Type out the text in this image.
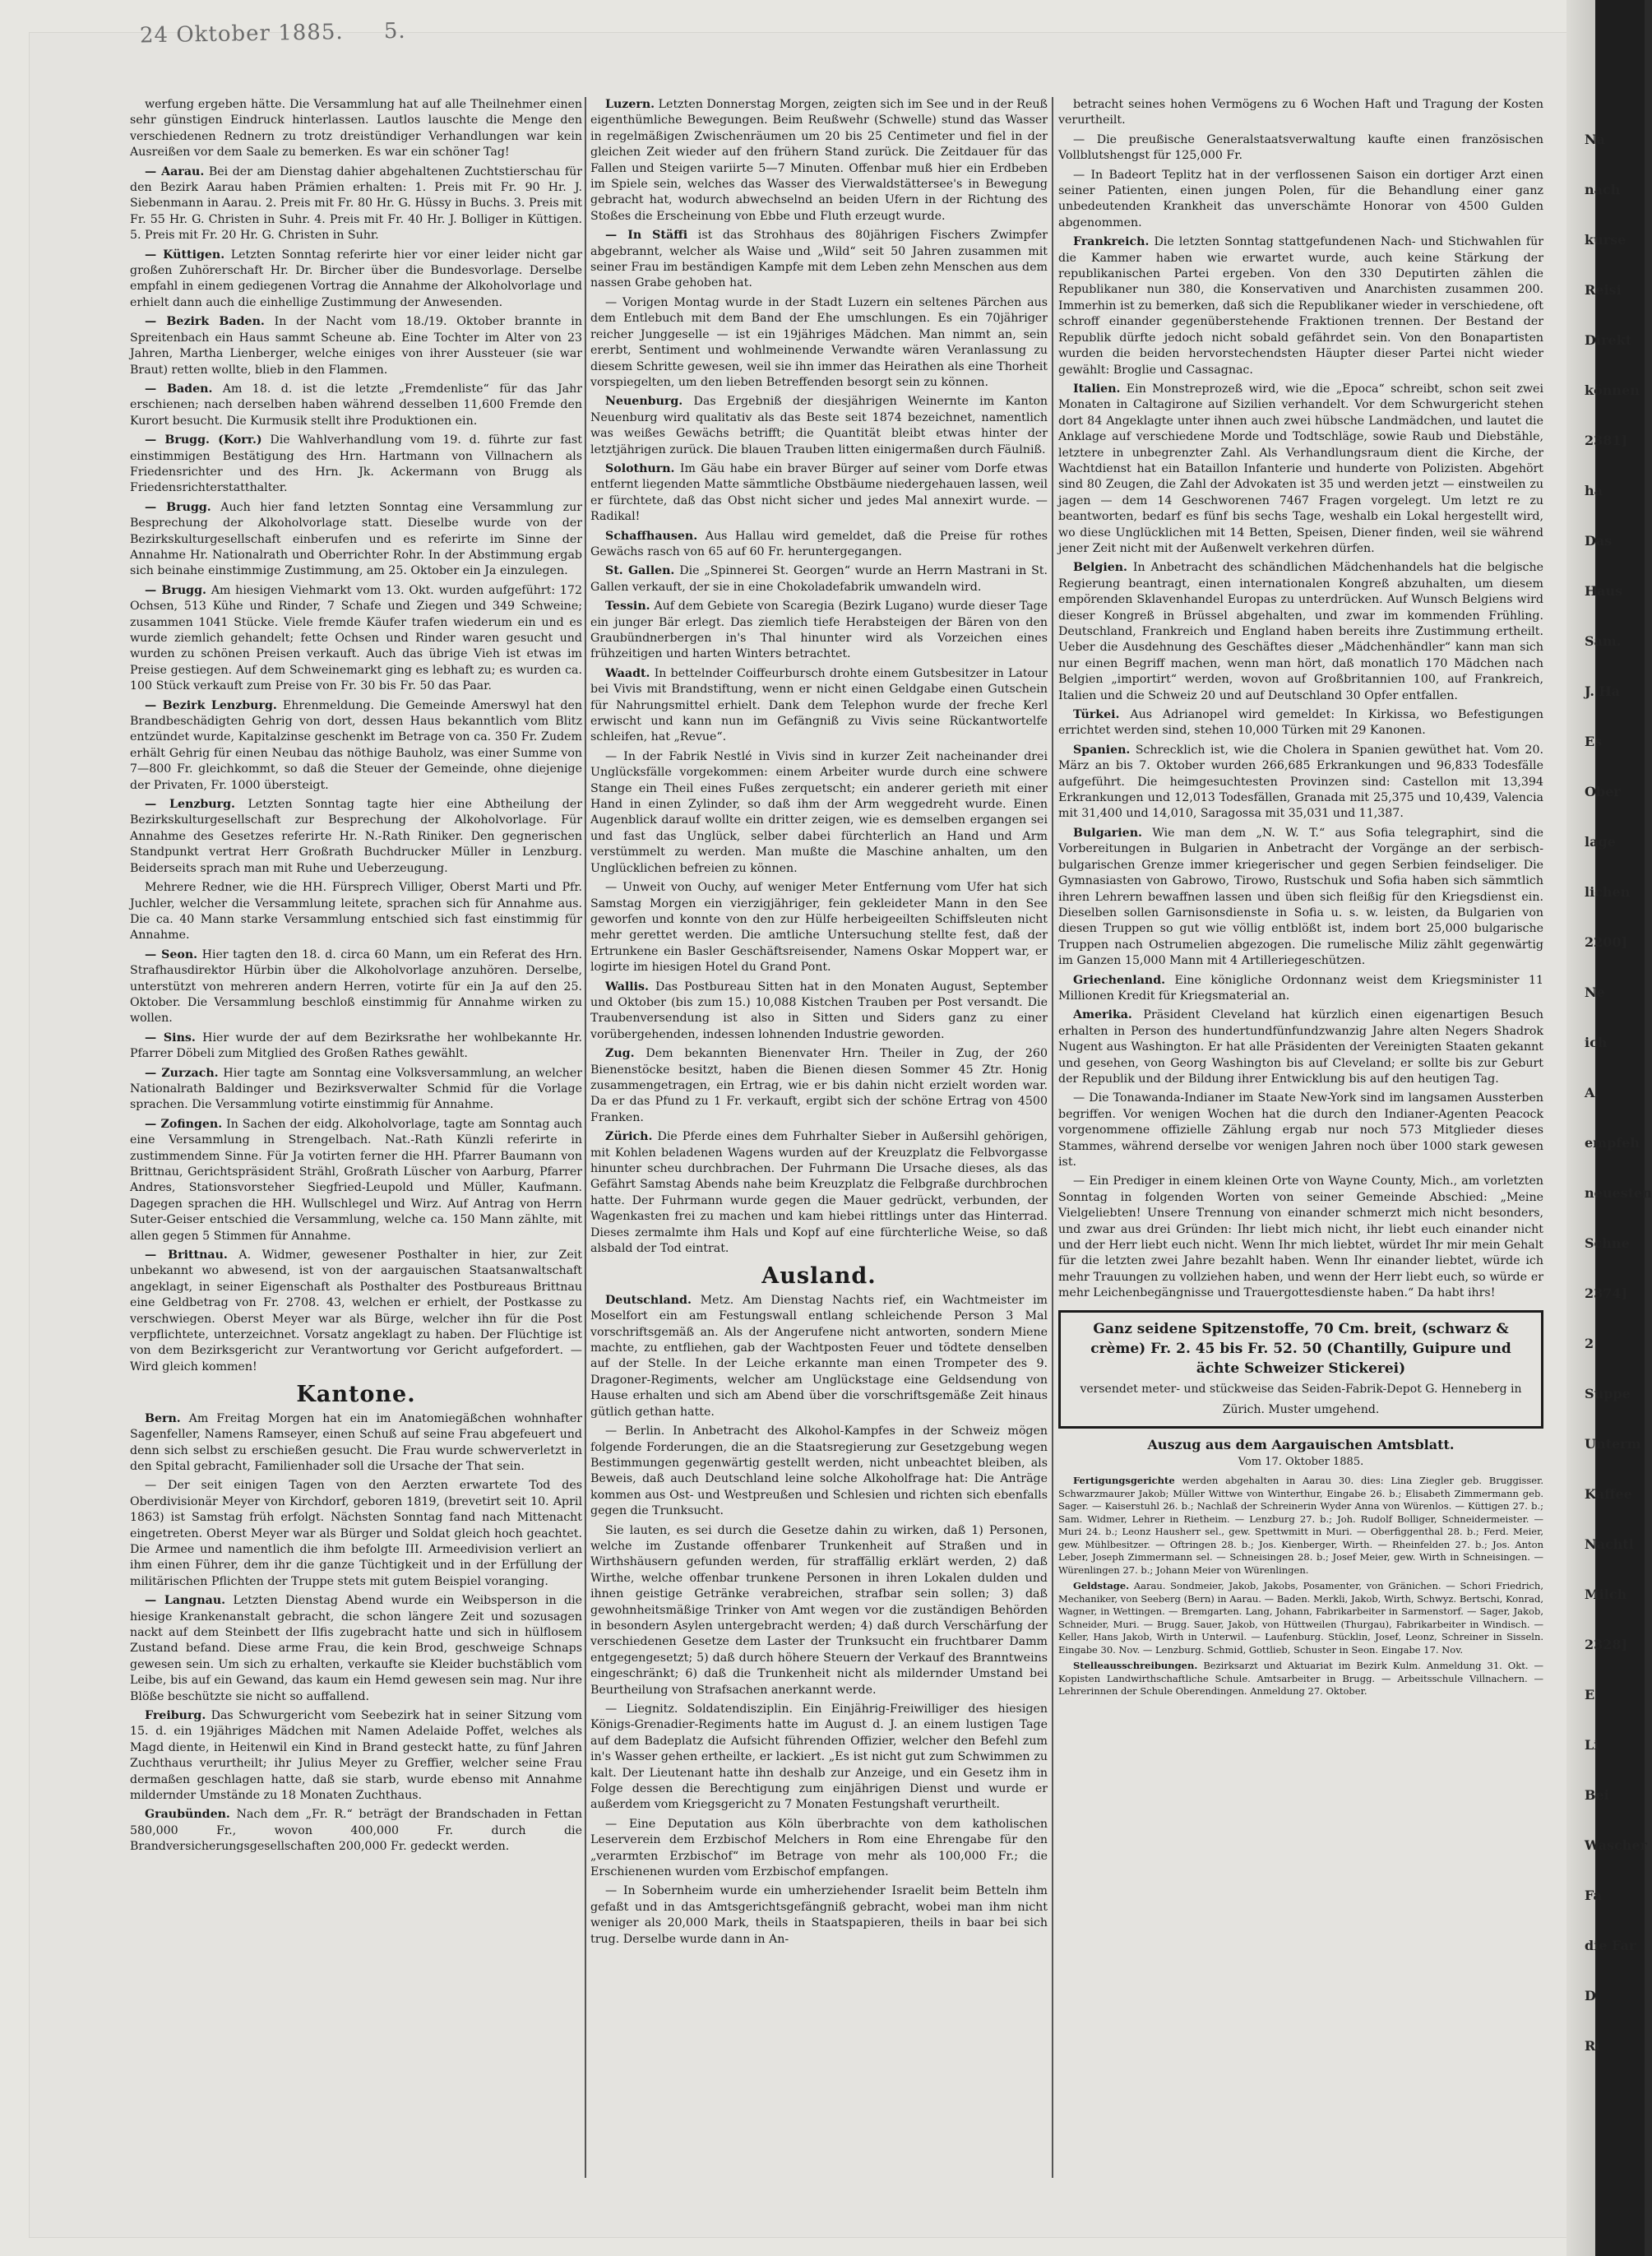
24 Oktober 1885. 5.

werfung ergeben hätte. Die Versammlung hat auf alle Theilnehmer einen sehr günstigen Eindruck hinterlassen. Lautlos lauschte die Menge den verschiedenen Rednern zu trotz dreistündiger Verhandlungen war kein Ausreißen vor dem Saale zu bemerken. Es war ein schöner Tag!

— Aarau. Bei der am Dienstag dahier abgehaltenen Zuchtstierschau für den Bezirk Aarau haben Prämien erhalten: 1. Preis mit Fr. 90 Hr. J. Siebenmann in Aarau. 2. Preis mit Fr. 80 Hr. G. Hüssy in Buchs. 3. Preis mit Fr. 55 Hr. G. Christen in Suhr. 4. Preis mit Fr. 40 Hr. J. Bolliger in Küttigen. 5. Preis mit Fr. 20 Hr. G. Christen in Suhr.

— Küttigen. Letzten Sonntag referirte hier vor einer leider nicht gar großen Zuhörerschaft Hr. Dr. Bircher über die Bundesvorlage. Derselbe empfahl in einem gediegenen Vortrag die Annahme der Alkoholvorlage und erhielt dann auch die einhellige Zustimmung der Anwesenden.

— Bezirk Baden. In der Nacht vom 18./19. Oktober brannte in Spreitenbach ein Haus sammt Scheune ab. Eine Tochter im Alter von 23 Jahren, Martha Lienberger, welche einiges von ihrer Aussteuer (sie war Braut) retten wollte, blieb in den Flammen.

— Baden. Am 18. d. ist die letzte „Fremdenliste“ für das Jahr erschienen; nach derselben haben während desselben 11,600 Fremde den Kurort besucht. Die Kurmusik stellt ihre Produktionen ein.

— Brugg. (Korr.) Die Wahlverhandlung vom 19. d. führte zur fast einstimmigen Bestätigung des Hrn. Hartmann von Villnachern als Friedensrichter und des Hrn. Jk. Ackermann von Brugg als Friedensrichterstatthalter.

— Brugg. Auch hier fand letzten Sonntag eine Versammlung zur Besprechung der Alkoholvorlage statt. Dieselbe wurde von der Bezirkskulturgesellschaft einberufen und es referirte im Sinne der Annahme Hr. Nationalrath und Oberrichter Rohr. In der Abstimmung ergab sich beinahe einstimmige Zustimmung, am 25. Oktober ein Ja einzulegen.

— Brugg. Am hiesigen Viehmarkt vom 13. Okt. wurden aufgeführt: 172 Ochsen, 513 Kühe und Rinder, 7 Schafe und Ziegen und 349 Schweine; zusammen 1041 Stücke. Viele fremde Käufer trafen wiederum ein und es wurde ziemlich gehandelt; fette Ochsen und Rinder waren gesucht und wurden zu schönen Preisen verkauft. Auch das übrige Vieh ist etwas im Preise gestiegen. Auf dem Schweinemarkt ging es lebhaft zu; es wurden ca. 100 Stück verkauft zum Preise von Fr. 30 bis Fr. 50 das Paar.

— Bezirk Lenzburg. Ehrenmeldung. Die Gemeinde Amerswyl hat den Brandbeschädigten Gehrig von dort, dessen Haus bekanntlich vom Blitz entzündet wurde, Kapitalzinse geschenkt im Betrage von ca. 350 Fr. Zudem erhält Gehrig für einen Neubau das nöthige Bauholz, was einer Summe von 7—800 Fr. gleichkommt, so daß die Steuer der Gemeinde, ohne diejenige der Privaten, Fr. 1000 übersteigt.

— Lenzburg. Letzten Sonntag tagte hier eine Abtheilung der Bezirkskulturgesellschaft zur Besprechung der Alkoholvorlage. Für Annahme des Gesetzes referirte Hr. N.-Rath Riniker. Den gegnerischen Standpunkt vertrat Herr Großrath Buchdrucker Müller in Lenzburg. Beiderseits sprach man mit Ruhe und Ueberzeugung.

Mehrere Redner, wie die HH. Fürsprech Villiger, Oberst Marti und Pfr. Juchler, welcher die Versammlung leitete, sprachen sich für Annahme aus. Die ca. 40 Mann starke Versammlung entschied sich fast einstimmig für Annahme.

— Seon. Hier tagten den 18. d. circa 60 Mann, um ein Referat des Hrn. Strafhausdirektor Hürbin über die Alkoholvorlage anzuhören. Derselbe, unterstützt von mehreren andern Herren, votirte für ein Ja auf den 25. Oktober. Die Versammlung beschloß einstimmig für Annahme wirken zu wollen.

— Sins. Hier wurde der auf dem Bezirksrathe her wohlbekannte Hr. Pfarrer Döbeli zum Mitglied des Großen Rathes gewählt.

— Zurzach. Hier tagte am Sonntag eine Volksversammlung, an welcher Nationalrath Baldinger und Bezirksverwalter Schmid für die Vorlage sprachen. Die Versammlung votirte einstimmig für Annahme.

— Zofingen. In Sachen der eidg. Alkoholvorlage, tagte am Sonntag auch eine Versammlung in Strengelbach. Nat.-Rath Künzli referirte in zustimmendem Sinne. Für Ja votirten ferner die HH. Pfarrer Baumann von Brittnau, Gerichtspräsident Strähl, Großrath Lüscher von Aarburg, Pfarrer Andres, Stationsvorsteher Siegfried-Leupold und Müller, Kaufmann. Dagegen sprachen die HH. Wullschlegel und Wirz. Auf Antrag von Herrn Suter-Geiser entschied die Versammlung, welche ca. 150 Mann zählte, mit allen gegen 5 Stimmen für Annahme.

— Brittnau. A. Widmer, gewesener Posthalter in hier, zur Zeit unbekannt wo abwesend, ist von der aargauischen Staatsanwaltschaft angeklagt, in seiner Eigenschaft als Posthalter des Postbureaus Brittnau eine Geldbetrag von Fr. 2708. 43, welchen er erhielt, der Postkasse zu verschwiegen. Oberst Meyer war als Bürge, welcher ihn für die Post verpflichtete, unterzeichnet. Vorsatz angeklagt zu haben. Der Flüchtige ist von dem Bezirksgericht zur Verantwortung vor Gericht aufgefordert. — Wird gleich kommen!

Kantone.

Bern. Am Freitag Morgen hat ein im Anatomiegäßchen wohnhafter Sagenfeller, Namens Ramseyer, einen Schuß auf seine Frau abgefeuert und denn sich selbst zu erschießen gesucht. Die Frau wurde schwerverletzt in den Spital gebracht, Familienhader soll die Ursache der That sein.

— Der seit einigen Tagen von den Aerzten erwartete Tod des Oberdivisionär Meyer von Kirchdorf, geboren 1819, (brevetirt seit 10. April 1863) ist Samstag früh erfolgt. Nächsten Sonntag fand nach Mittenacht eingetreten. Oberst Meyer war als Bürger und Soldat gleich hoch geachtet. Die Armee und namentlich die ihm befolgte III. Armeedivision verliert an ihm einen Führer, dem ihr die ganze Tüchtigkeit und in der Erfüllung der militärischen Pflichten der Truppe stets mit gutem Beispiel voranging.

— Langnau. Letzten Dienstag Abend wurde ein Weibsperson in die hiesige Krankenanstalt gebracht, die schon längere Zeit und sozusagen nackt auf dem Steinbett der Ilfis zugebracht hatte und sich in hülflosem Zustand befand. Diese arme Frau, die kein Brod, geschweige Schnaps gewesen sein. Um sich zu erhalten, verkaufte sie Kleider buchstäblich vom Leibe, bis auf ein Gewand, das kaum ein Hemd gewesen sein mag. Nur ihre Blöße beschützte sie nicht so auffallend.

Freiburg. Das Schwurgericht vom Seebezirk hat in seiner Sitzung vom 15. d. ein 19jähriges Mädchen mit Namen Adelaide Poffet, welches als Magd diente, in Heitenwil ein Kind in Brand gesteckt hatte, zu fünf Jahren Zuchthaus verurtheilt; ihr Julius Meyer zu Greffier, welcher seine Frau dermaßen geschlagen hatte, daß sie starb, wurde ebenso mit Annahme mildernder Umstände zu 18 Monaten Zuchthaus.

Graubünden. Nach dem „Fr. R.“ beträgt der Brandschaden in Fettan 580,000 Fr., wovon 400,000 Fr. durch die Brandversicherungsgesellschaften 200,000 Fr. gedeckt werden.

Luzern. Letzten Donnerstag Morgen, zeigten sich im See und in der Reuß eigenthümliche Bewegungen. Beim Reußwehr (Schwelle) stund das Wasser in regelmäßigen Zwischenräumen um 20 bis 25 Centimeter und fiel in der gleichen Zeit wieder auf den frühern Stand zurück. Die Zeitdauer für das Fallen und Steigen variirte 5—7 Minuten. Offenbar muß hier ein Erdbeben im Spiele sein, welches das Wasser des Vierwaldstättersee's in Bewegung gebracht hat, wodurch abwechselnd an beiden Ufern in der Richtung des Stoßes die Erscheinung von Ebbe und Fluth erzeugt wurde.

— In Stäffi ist das Strohhaus des 80jährigen Fischers Zwimpfer abgebrannt, welcher als Waise und „Wild“ seit 50 Jahren zusammen mit seiner Frau im beständigen Kampfe mit dem Leben zehn Menschen aus dem nassen Grabe gehoben hat.

— Vorigen Montag wurde in der Stadt Luzern ein seltenes Pärchen aus dem Entlebuch mit dem Band der Ehe umschlungen. Es ein 70jähriger reicher Junggeselle — ist ein 19jähriges Mädchen. Man nimmt an, sein ererbt, Sentiment und wohlmeinende Verwandte wären Veranlassung zu diesem Schritte gewesen, weil sie ihn immer das Heirathen als eine Thorheit vorspiegelten, um den lieben Betreffenden besorgt sein zu können.

Neuenburg. Das Ergebniß der diesjährigen Weinernte im Kanton Neuenburg wird qualitativ als das Beste seit 1874 bezeichnet, namentlich was weißes Gewächs betrifft; die Quantität bleibt etwas hinter der letztjährigen zurück. Die blauen Trauben litten einigermaßen durch Fäulniß.

Solothurn. Im Gäu habe ein braver Bürger auf seiner vom Dorfe etwas entfernt liegenden Matte sämmtliche Obstbäume niedergehauen lassen, weil er fürchtete, daß das Obst nicht sicher und jedes Mal annexirt wurde. — Radikal!

Schaffhausen. Aus Hallau wird gemeldet, daß die Preise für rothes Gewächs rasch von 65 auf 60 Fr. heruntergegangen.

St. Gallen. Die „Spinnerei St. Georgen“ wurde an Herrn Mastrani in St. Gallen verkauft, der sie in eine Chokoladefabrik umwandeln wird.

Tessin. Auf dem Gebiete von Scaregia (Bezirk Lugano) wurde dieser Tage ein junger Bär erlegt. Das ziemlich tiefe Herabsteigen der Bären von den Graubündnerbergen in's Thal hinunter wird als Vorzeichen eines frühzeitigen und harten Winters betrachtet.

Waadt. In bettelnder Coiffeurbursch drohte einem Gutsbesitzer in Latour bei Vivis mit Brandstiftung, wenn er nicht einen Geldgabe einen Gutschein für Nahrungsmittel erhielt. Dank dem Telephon wurde der freche Kerl erwischt und kann nun im Gefängniß zu Vivis seine Rückantwortelfe schleifen, hat „Revue“.

— In der Fabrik Nestlé in Vivis sind in kurzer Zeit nacheinander drei Unglücksfälle vorgekommen: einem Arbeiter wurde durch eine schwere Stange ein Theil eines Fußes zerquetscht; ein anderer gerieth mit einer Hand in einen Zylinder, so daß ihm der Arm weggedreht wurde. Einen Augenblick darauf wollte ein dritter zeigen, wie es demselben ergangen sei und fast das Unglück, selber dabei fürchterlich an Hand und Arm verstümmelt zu werden. Man mußte die Maschine anhalten, um den Unglücklichen befreien zu können.

— Unweit von Ouchy, auf weniger Meter Entfernung vom Ufer hat sich Samstag Morgen ein vierzigjähriger, fein gekleideter Mann in den See geworfen und konnte von den zur Hülfe herbeigeeilten Schiffsleuten nicht mehr gerettet werden. Die amtliche Untersuchung stellte fest, daß der Ertrunkene ein Basler Geschäftsreisender, Namens Oskar Moppert war, er logirte im hiesigen Hotel du Grand Pont.

Wallis. Das Postbureau Sitten hat in den Monaten August, September und Oktober (bis zum 15.) 10,088 Kistchen Trauben per Post versandt. Die Traubenversendung ist also in Sitten und Siders ganz zu einer vorübergehenden, indessen lohnenden Industrie geworden.

Zug. Dem bekannten Bienenvater Hrn. Theiler in Zug, der 260 Bienenstöcke besitzt, haben die Bienen diesen Sommer 45 Ztr. Honig zusammengetragen, ein Ertrag, wie er bis dahin nicht erzielt worden war. Da er das Pfund zu 1 Fr. verkauft, ergibt sich der schöne Ertrag von 4500 Franken.

Zürich. Die Pferde eines dem Fuhrhalter Sieber in Außersihl gehörigen, mit Kohlen beladenen Wagens wurden auf der Kreuzplatz die Felbvorgasse hinunter scheu durchbrachen. Der Fuhrmann Die Ursache dieses, als das Gefährt Samstag Abends nahe beim Kreuzplatz die Felbgraße durchbrochen hatte. Der Fuhrmann wurde gegen die Mauer gedrückt, verbunden, der Wagenkasten frei zu machen und kam hiebei rittlings unter das Hinterrad. Dieses zermalmte ihm Hals und Kopf auf eine fürchterliche Weise, so daß alsbald der Tod eintrat.

Ausland.

Deutschland. Metz. Am Dienstag Nachts rief, ein Wachtmeister im Moselfort ein am Festungswall entlang schleichende Person 3 Mal vorschriftsgemäß an. Als der Angerufene nicht antworten, sondern Miene machte, zu entfliehen, gab der Wachtposten Feuer und tödtete denselben auf der Stelle. In der Leiche erkannte man einen Trompeter des 9. Dragoner-Regiments, welcher am Unglückstage eine Geldsendung von Hause erhalten und sich am Abend über die vorschriftsgemäße Zeit hinaus gütlich gethan hatte.

— Berlin. In Anbetracht des Alkohol-Kampfes in der Schweiz mögen folgende Forderungen, die an die Staatsregierung zur Gesetzgebung wegen Bestimmungen gegenwärtig gestellt werden, nicht unbeachtet bleiben, als Beweis, daß auch Deutschland leine solche Alkoholfrage hat: Die Anträge kommen aus Ost- und Westpreußen und Schlesien und richten sich ebenfalls gegen die Trunksucht.

Sie lauten, es sei durch die Gesetze dahin zu wirken, daß 1) Personen, welche im Zustande offenbarer Trunkenheit auf Straßen und in Wirthshäusern gefunden werden, für straffällig erklärt werden, 2) daß Wirthe, welche offenbar trunkene Personen in ihren Lokalen dulden und ihnen geistige Getränke verabreichen, strafbar sein sollen; 3) daß gewohnheitsmäßige Trinker von Amt wegen vor die zuständigen Behörden in besondern Asylen untergebracht werden; 4) daß durch Verschärfung der verschiedenen Gesetze dem Laster der Trunksucht ein fruchtbarer Damm entgegengesetzt; 5) daß durch höhere Steuern der Verkauf des Branntweins eingeschränkt; 6) daß die Trunkenheit nicht als mildernder Umstand bei Beurtheilung von Strafsachen anerkannt werde.

— Liegnitz. Soldatendisziplin. Ein Einjährig-Freiwilliger des hiesigen Königs-Grenadier-Regiments hatte im August d. J. an einem lustigen Tage auf dem Badeplatz die Aufsicht führenden Offizier, welcher den Befehl zum in's Wasser gehen ertheilte, er lackiert. „Es ist nicht gut zum Schwimmen zu kalt. Der Lieutenant hatte ihn deshalb zur Anzeige, und ein Gesetz ihm in Folge dessen die Berechtigung zum einjährigen Dienst und wurde er außerdem vom Kriegsgericht zu 7 Monaten Festungshaft verurtheilt.

— Eine Deputation aus Köln überbrachte von dem katholischen Leserverein dem Erzbischof Melchers in Rom eine Ehrengabe für den „verarmten Erzbischof“ im Betrage von mehr als 100,000 Fr.; die Erschienenen wurden vom Erzbischof empfangen.

— In Sobernheim wurde ein umherziehender Israelit beim Betteln ihm gefaßt und in das Amtsgerichtsgefängniß gebracht, wobei man ihm nicht weniger als 20,000 Mark, theils in Staatspapieren, theils in baar bei sich trug. Derselbe wurde dann in An-

betracht seines hohen Vermögens zu 6 Wochen Haft und Tragung der Kosten verurtheilt.

— Die preußische Generalstaatsverwaltung kaufte einen französischen Vollblutshengst für 125,000 Fr.

— In Badeort Teplitz hat in der verflossenen Saison ein dortiger Arzt einen seiner Patienten, einen jungen Polen, für die Behandlung einer ganz unbedeutenden Krankheit das unverschämte Honorar von 4500 Gulden abgenommen.

Frankreich. Die letzten Sonntag stattgefundenen Nach- und Stichwahlen für die Kammer haben wie erwartet wurde, auch keine Stärkung der republikanischen Partei ergeben. Von den 330 Deputirten zählen die Republikaner nun 380, die Konservativen und Anarchisten zusammen 200. Immerhin ist zu bemerken, daß sich die Republikaner wieder in verschiedene, oft schroff einander gegenüberstehende Fraktionen trennen. Der Bestand der Republik dürfte jedoch nicht sobald gefährdet sein. Von den Bonapartisten wurden die beiden hervorstechendsten Häupter dieser Partei nicht wieder gewählt: Broglie und Cassagnac.

Italien. Ein Monstreprozeß wird, wie die „Epoca“ schreibt, schon seit zwei Monaten in Caltagirone auf Sizilien verhandelt. Vor dem Schwurgericht stehen dort 84 Angeklagte unter ihnen auch zwei hübsche Landmädchen, und lautet die Anklage auf verschiedene Morde und Todtschläge, sowie Raub und Diebstähle, letztere in unbegrenzter Zahl. Als Verhandlungsraum dient die Kirche, der Wachtdienst hat ein Bataillon Infanterie und hunderte von Polizisten. Abgehört sind 80 Zeugen, die Zahl der Advokaten ist 35 und werden jetzt — einstweilen zu jagen — dem 14 Geschworenen 7467 Fragen vorgelegt. Um letzt re zu beantworten, bedarf es fünf bis sechs Tage, weshalb ein Lokal hergestellt wird, wo diese Unglücklichen mit 14 Betten, Speisen, Diener finden, weil sie während jener Zeit nicht mit der Außenwelt verkehren dürfen.

Belgien. In Anbetracht des schändlichen Mädchenhandels hat die belgische Regierung beantragt, einen internationalen Kongreß abzuhalten, um diesem empörenden Sklavenhandel Europas zu unterdrücken. Auf Wunsch Belgiens wird dieser Kongreß in Brüssel abgehalten, und zwar im kommenden Frühling. Deutschland, Frankreich und England haben bereits ihre Zustimmung ertheilt. Ueber die Ausdehnung des Geschäftes dieser „Mädchenhändler“ kann man sich nur einen Begriff machen, wenn man hört, daß monatlich 170 Mädchen nach Belgien „importirt“ werden, wovon auf Großbritannien 100, auf Frankreich, Italien und die Schweiz 20 und auf Deutschland 30 Opfer entfallen.

Türkei. Aus Adrianopel wird gemeldet: In Kirkissa, wo Befestigungen errichtet werden sind, stehen 10,000 Türken mit 29 Kanonen.

Spanien. Schrecklich ist, wie die Cholera in Spanien gewüthet hat. Vom 20. März an bis 7. Oktober wurden 266,685 Erkrankungen und 96,833 Todesfälle aufgeführt. Die heimgesuchtesten Provinzen sind: Castellon mit 13,394 Erkrankungen und 12,013 Todesfällen, Granada mit 25,375 und 10,439, Valencia mit 31,400 und 14,010, Saragossa mit 35,031 und 11,387.

Bulgarien. Wie man dem „N. W. T.“ aus Sofia telegraphirt, sind die Vorbereitungen in Bulgarien in Anbetracht der Vorgänge an der serbisch-bulgarischen Grenze immer kriegerischer und gegen Serbien feindseliger. Die Gymnasiasten von Gabrowo, Tirowo, Rustschuk und Sofia haben sich sämmtlich ihren Lehrern bewaffnen lassen und üben sich fleißig für den Kriegsdienst ein. Dieselben sollen Garnisonsdienste in Sofia u. s. w. leisten, da Bulgarien von diesen Truppen so gut wie völlig entblößt ist, indem bort 25,000 bulgarische Truppen nach Ostrumelien abgezogen. Die rumelische Miliz zählt gegenwärtig im Ganzen 15,000 Mann mit 4 Artilleriegeschützen.

Griechenland. Eine königliche Ordonnanz weist dem Kriegsminister 11 Millionen Kredit für Kriegsmaterial an.

Amerika. Präsident Cleveland hat kürzlich einen eigenartigen Besuch erhalten in Person des hundertundfünfundzwanzig Jahre alten Negers Shadrok Nugent aus Washington. Er hat alle Präsidenten der Vereinigten Staaten gekannt und gesehen, von Georg Washington bis auf Cleveland; er sollte bis zur Geburt der Republik und der Bildung ihrer Entwicklung bis auf den heutigen Tag.

— Die Tonawanda-Indianer im Staate New-York sind im langsamen Aussterben begriffen. Vor wenigen Wochen hat die durch den Indianer-Agenten Peacock vorgenommene offizielle Zählung ergab nur noch 573 Mitglieder dieses Stammes, während derselbe vor wenigen Jahren noch über 1000 stark gewesen ist.

— Ein Prediger in einem kleinen Orte von Wayne County, Mich., am vorletzten Sonntag in folgenden Worten von seiner Gemeinde Abschied: „Meine Vielgeliebten! Unsere Trennung von einander schmerzt mich nicht besonders, und zwar aus drei Gründen: Ihr liebt mich nicht, ihr liebt euch einander nicht und der Herr liebt euch nicht. Wenn Ihr mich liebtet, würdet Ihr mir mein Gehalt für die letzten zwei Jahre bezahlt haben. Wenn Ihr einander liebtet, würde ich mehr Trauungen zu vollziehen haben, und wenn der Herr liebt euch, so würde er mehr Leichenbegängnisse und Trauergottesdienste haben.“ Da habt ihrs!

Ganz seidene Spitzenstoffe, 70 Cm. breit, (schwarz & crème) Fr. 2. 45 bis Fr. 52. 50 (Chantilly, Guipure und ächte Schweizer Stickerei)
versendet meter- und stückweise das Seiden-Fabrik-Depot G. Henneberg in Zürich. Muster umgehend.
Auszug aus dem Aargauischen Amtsblatt.
Vom 17. Oktober 1885.

Fertigungsgerichte werden abgehalten in Aarau 30. dies: Lina Ziegler geb. Bruggisser. Schwarzmaurer Jakob; Müller Wittwe von Winterthur, Eingabe 26. b.; Elisabeth Zimmermann geb. Sager. — Kaiserstuhl 26. b.; Nachlaß der Schreinerin Wyder Anna von Würenlos. — Küttigen 27. b.; Sam. Widmer, Lehrer in Rietheim. — Lenzburg 27. b.; Joh. Rudolf Bolliger, Schneidermeister. — Muri 24. b.; Leonz Hausherr sel., gew. Spettwmitt in Muri. — Oberfiggenthal 28. b.; Ferd. Meier, gew. Mühlbesitzer. — Oftringen 28. b.; Jos. Kienberger, Wirth. — Rheinfelden 27. b.; Jos. Anton Leber, Joseph Zimmermann sel. — Schneisingen 28. b.; Josef Meier, gew. Wirth in Schneisingen. — Würenlingen 27. b.; Johann Meier von Würenlingen.

Geldstage. Aarau. Sondmeier, Jakob, Jakobs, Posamenter, von Gränichen. — Schori Friedrich, Mechaniker, von Seeberg (Bern) in Aarau. — Baden. Merkli, Jakob, Wirth, Schwyz. Bertschi, Konrad, Wagner, in Wettingen. — Bremgarten. Lang, Johann, Fabrikarbeiter in Sarmenstorf. — Sager, Jakob, Schneider, Muri. — Brugg. Sauer, Jakob, von Hüttweilen (Thurgau), Fabrikarbeiter in Windisch. — Keller, Hans Jakob, Wirth in Unterwil. — Laufenburg. Stücklin, Josef, Leonz, Schreiner in Sisseln. Eingabe 30. Nov. — Lenzburg. Schmid, Gottlieb, Schuster in Seon. Eingabe 17. Nov.

Stelleausschreibungen. Bezirksarzt und Aktuariat im Bezirk Kulm. Anmeldung 31. Okt. — Kopisten Landwirthschaftliche Schule. Amtsarbeiter in Brugg. — Arbeitsschule Villnachern. — Lehrerinnen der Schule Oberendingen. Anmeldung 27. Oktober.

Na
nach
kurse
Reisi
Direkt
können
2381]
ha
Das
Haus
Sam.
J. Ha
Es
Ober
lage
lichen
2200]
Ne
ich
A.
empfeh
neuesten
Schne
2374]
2
Suppe
Unterm
Kaffee
Nachtl
Milch
2328]
E
Li
Bei
Wascher
Fa
die Far
D
Ri
